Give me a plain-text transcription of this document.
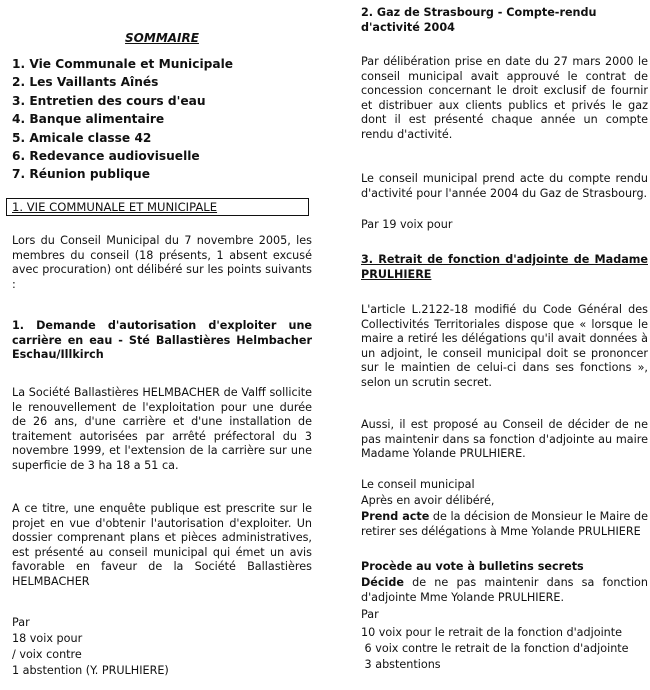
SOMMAIRE
1. Vie Communale et Municipale
2. Les Vaillants Aînés
3. Entretien des cours d'eau
4. Banque alimentaire
5. Amicale classe 42
6. Redevance audiovisuelle
7. Réunion publique
1. VIE COMMUNALE ET MUNICIPALE

Lors du Conseil Municipal du 7 novembre 2005, les membres du conseil (18 présents, 1 absent excusé avec procuration) ont délibéré sur les points suivants :

1. Demande d'autorisation d'exploiter une carrière en eau - Sté Ballastières Helmbacher Eschau/Illkirch

La Société Ballastières HELMBACHER de Valff sollicite le renouvellement de l'exploitation pour une durée de 26 ans, d'une carrière et d'une installation de traitement autorisées par arrêté préfectoral du 3 novembre 1999, et l'extension de la carrière sur une superficie de 3 ha 18 a 51 ca.

A ce titre, une enquête publique est prescrite sur le projet en vue d'obtenir l'autorisation d'exploiter. Un dossier comprenant plans et pièces administratives, est présenté au conseil municipal qui émet un avis favorable en faveur de la Société Ballastières HELMBACHER

Par

18 voix pour

/ voix contre

1 abstention (Y. PRULHIERE)

2. Gaz de Strasbourg - Compte-rendu
d'activité 2004

Par délibération prise en date du 27 mars 2000 le conseil municipal avait approuvé le contrat de concession concernant le droit exclusif de fournir et distribuer aux clients publics et privés le gaz dont il est présenté chaque année un compte rendu d'activité.

Le conseil municipal prend acte du compte rendu d'activité pour l'année 2004 du Gaz de Strasbourg.

Par 19 voix pour

3. Retrait de fonction d'adjointe de Madame PRULHIERE

L'article L.2122-18 modifié du Code Général des Collectivités Territoriales dispose que « lorsque le maire a retiré les délégations qu'il avait données à un adjoint, le conseil municipal doit se prononcer sur le maintien de celui-ci dans ses fonctions », selon un scrutin secret.

Aussi, il est proposé au Conseil de décider de ne pas maintenir dans sa fonction d'adjointe au maire Madame Yolande PRULHIERE.

Le conseil municipal

Après en avoir délibéré,

Prend acte de la décision de Monsieur le Maire de retirer ses délégations à Mme Yolande PRULHIERE

Procède au vote à bulletins secrets

Décide de ne pas maintenir dans sa fonction d'adjointe Mme Yolande PRULHIERE.

Par

10 voix pour le retrait de la fonction d'adjointe

6 voix contre le retrait de la fonction d'adjointe

3 abstentions
